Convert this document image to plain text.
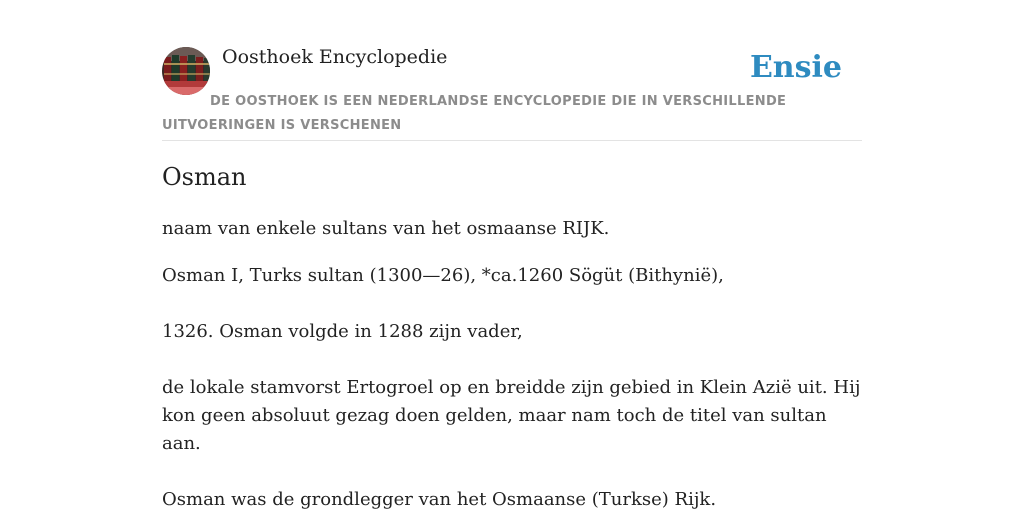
Oosthoek Encyclopedie	Ensie
DE OOSTHOEK IS EEN NEDERLANDSE ENCYCLOPEDIE DIE IN VERSCHILLENDE UITVOERINGEN IS VERSCHENEN
Osman

naam van enkele sultans van het osmaanse RIJK.

Osman I, Turks sultan (1300—26), *ca.1260 Sögüt (Bithynië),

1326. Osman volgde in 1288 zijn vader,

de lokale stamvorst Ertogroel op en breidde zijn gebied in Klein Azië uit. Hij kon geen absoluut gezag doen gelden, maar nam toch de titel van sultan aan.

Osman was de grondlegger van het Osmaanse (Turkse) Rijk.
